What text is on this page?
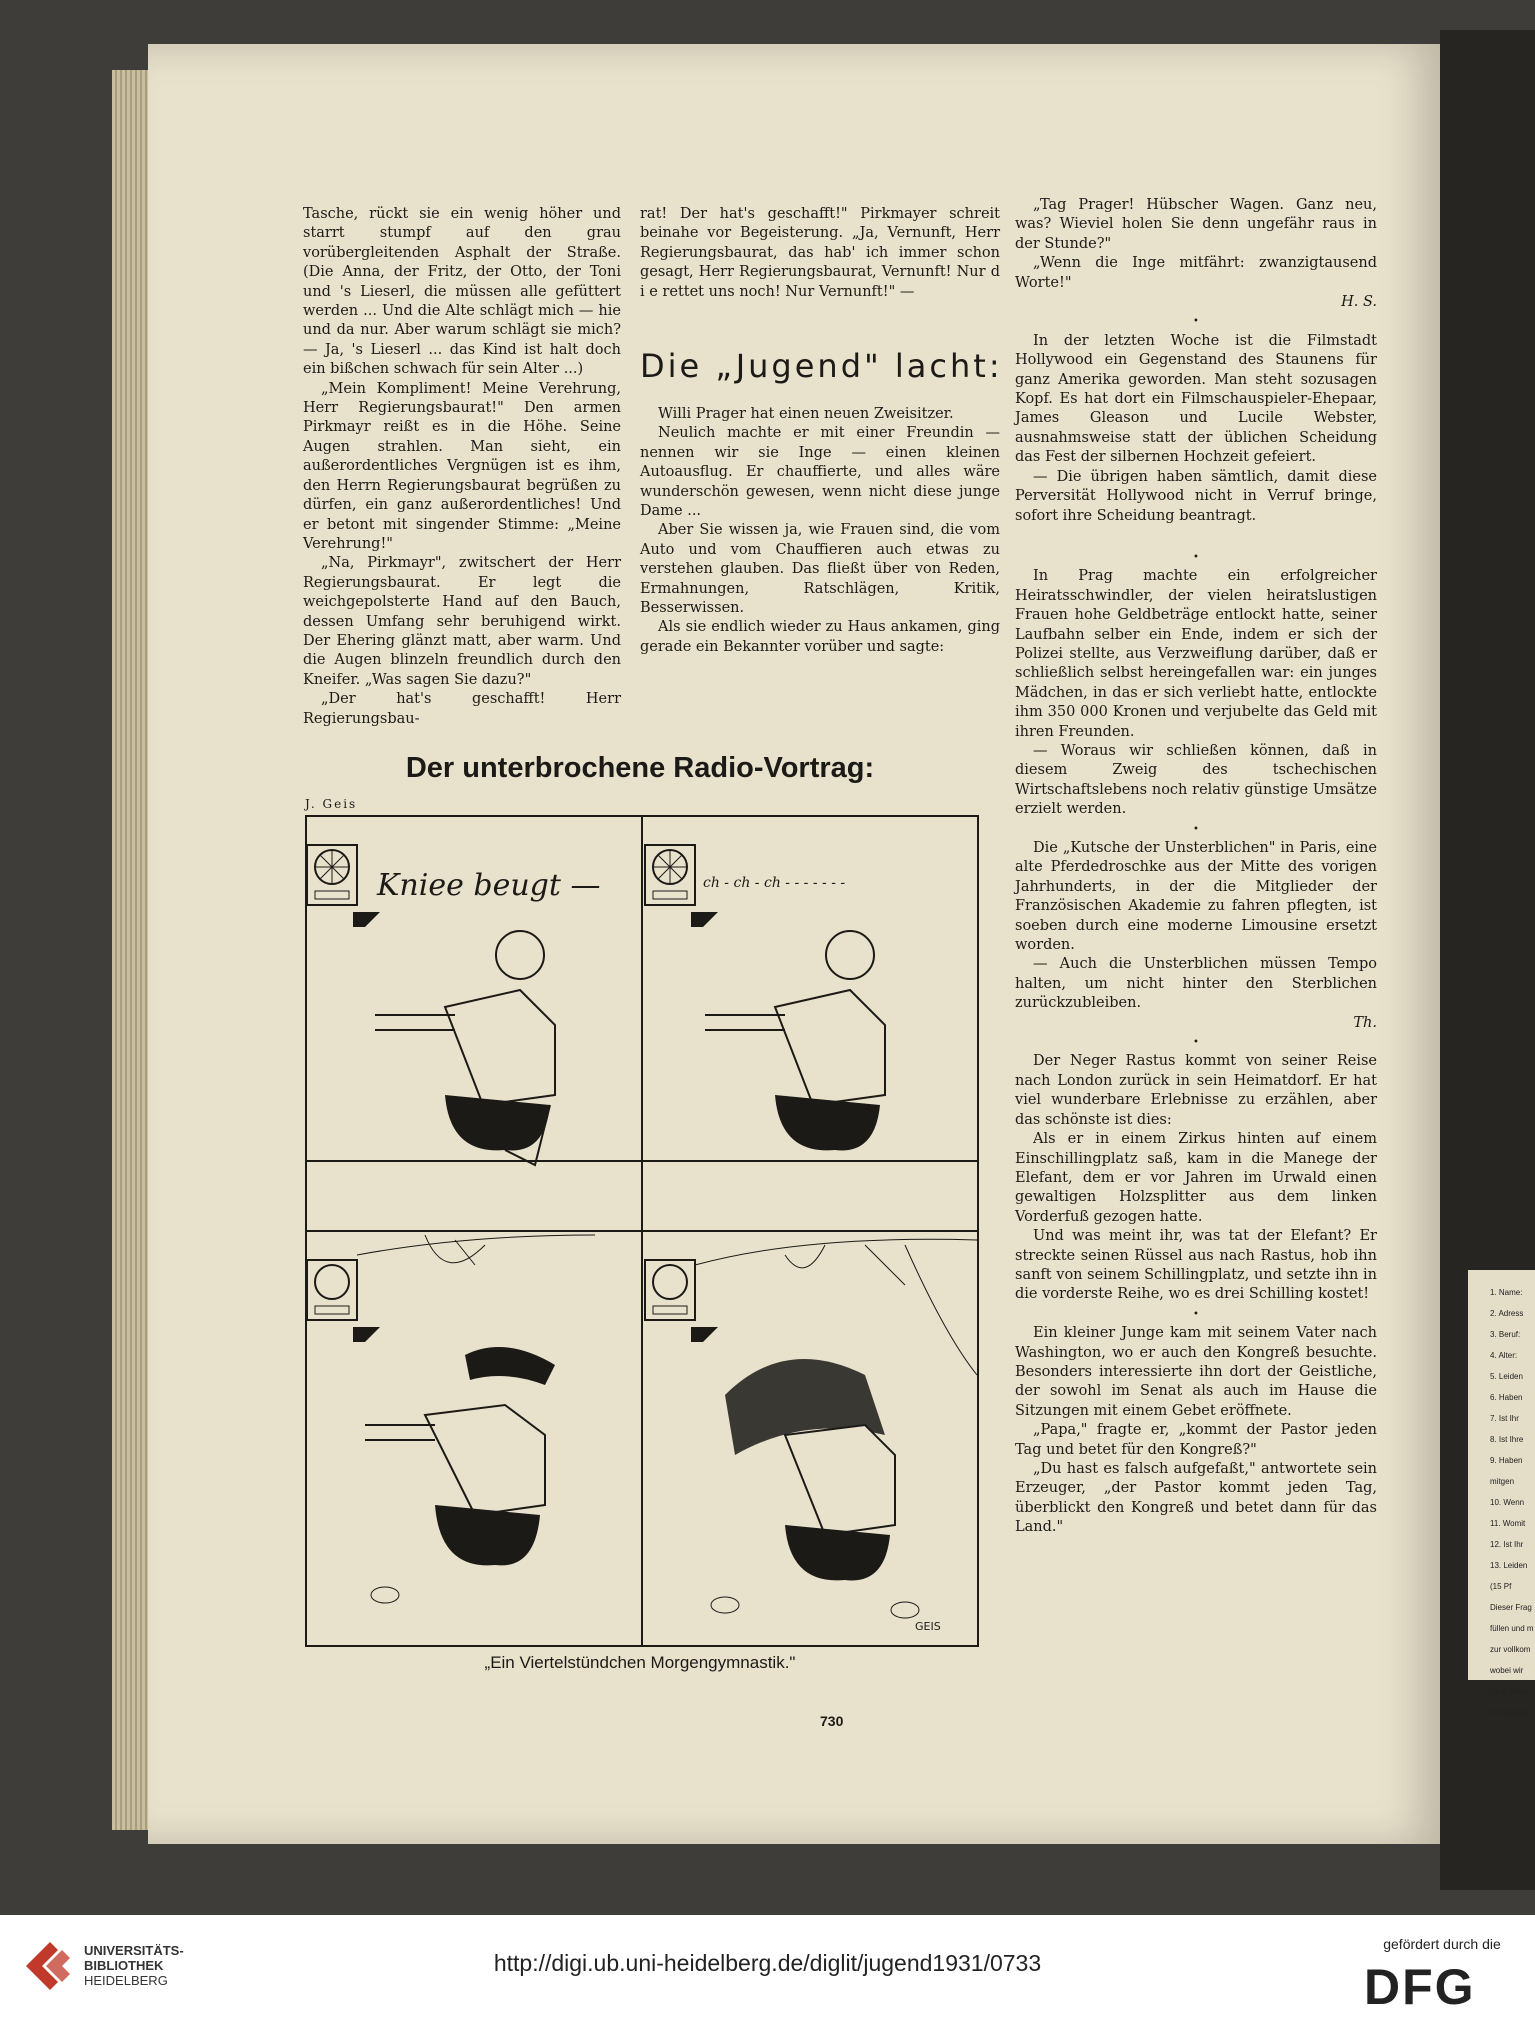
1. Name:
2. Adress
3. Beruf:
4. Alter:
5. Leiden
6. Haben
7. Ist Ihr
8. Ist Ihre
9. Haben
mitgen
10. Wenn
11. Womit
12. Ist Ihr
13. Leiden
(15 Pf
Dieser Frag
füllen und m
zur vollkom
wobei wir
Über Ihren
Archive nic

Tasche, rückt sie ein wenig höher und starrt stumpf auf den grau vorübergleitenden Asphalt der Straße. (Die Anna, der Fritz, der Otto, der Toni und 's Lieserl, die müssen alle gefüttert werden ... Und die Alte schlägt mich — hie und da nur. Aber warum schlägt sie mich? — Ja, 's Lieserl ... das Kind ist halt doch ein bißchen schwach für sein Alter ...)

„Mein Kompliment! Meine Verehrung, Herr Regierungsbaurat!" Den armen Pirkmayr reißt es in die Höhe. Seine Augen strahlen. Man sieht, ein außerordentliches Vergnügen ist es ihm, den Herrn Regierungsbaurat begrüßen zu dürfen, ein ganz außerordentliches! Und er betont mit singender Stimme: „Meine Verehrung!"

„Na, Pirkmayr", zwitschert der Herr Regierungsbaurat. Er legt die weichgepolsterte Hand auf den Bauch, dessen Umfang sehr beruhigend wirkt. Der Ehering glänzt matt, aber warm. Und die Augen blinzeln freundlich durch den Kneifer. „Was sagen Sie dazu?"

„Der hat's geschafft! Herr Regierungsbau-

rat! Der hat's geschafft!" Pirkmayer schreit beinahe vor Begeisterung. „Ja, Vernunft, Herr Regierungsbaurat, das hab' ich immer schon gesagt, Herr Regierungsbaurat, Vernunft! Nur d i e rettet uns noch! Nur Vernunft!" —

Die „Jugend" lacht:

Willi Prager hat einen neuen Zweisitzer.

Neulich machte er mit einer Freundin — nennen wir sie Inge — einen kleinen Autoausflug. Er chauffierte, und alles wäre wunderschön gewesen, wenn nicht diese junge Dame ...

Aber Sie wissen ja, wie Frauen sind, die vom Auto und vom Chauffieren auch etwas zu verstehen glauben. Das fließt über von Reden, Ermahnungen, Ratschlägen, Kritik, Besserwissen.

Als sie endlich wieder zu Haus ankamen, ging gerade ein Bekannter vorüber und sagte:

„Tag Prager! Hübscher Wagen. Ganz neu, was? Wieviel holen Sie denn ungefähr raus in der Stunde?"

„Wenn die Inge mitfährt: zwanzigtausend Worte!"

H. S.
•

In der letzten Woche ist die Filmstadt Hollywood ein Gegenstand des Staunens für ganz Amerika geworden. Man steht sozusagen Kopf. Es hat dort ein Filmschauspieler-Ehepaar, James Gleason und Lucile Webster, ausnahmsweise statt der üblichen Scheidung das Fest der silbernen Hochzeit gefeiert.

— Die übrigen haben sämtlich, damit diese Perversität Hollywood nicht in Verruf bringe, sofort ihre Scheidung beantragt.

•

In Prag machte ein erfolgreicher Heiratsschwindler, der vielen heiratslustigen Frauen hohe Geldbeträge entlockt hatte, seiner Laufbahn selber ein Ende, indem er sich der Polizei stellte, aus Verzweiflung darüber, daß er schließlich selbst hereingefallen war: ein junges Mädchen, in das er sich verliebt hatte, entlockte ihm 350 000 Kronen und verjubelte das Geld mit ihren Freunden.

— Woraus wir schließen können, daß in diesem Zweig des tschechischen Wirtschaftslebens noch relativ günstige Umsätze erzielt werden.

•

Die „Kutsche der Unsterblichen" in Paris, eine alte Pferdedroschke aus der Mitte des vorigen Jahrhunderts, in der die Mitglieder der Französischen Akademie zu fahren pflegten, ist soeben durch eine moderne Limousine ersetzt worden.

— Auch die Unsterblichen müssen Tempo halten, um nicht hinter den Sterblichen zurückzubleiben.

Th.
•

Der Neger Rastus kommt von seiner Reise nach London zurück in sein Heimatdorf. Er hat viel wunderbare Erlebnisse zu erzählen, aber das schönste ist dies:

Als er in einem Zirkus hinten auf einem Einschillingplatz saß, kam in die Manege der Elefant, dem er vor Jahren im Urwald einen gewaltigen Holzsplitter aus dem linken Vorderfuß gezogen hatte.

Und was meint ihr, was tat der Elefant? Er streckte seinen Rüssel aus nach Rastus, hob ihn sanft von seinem Schillingplatz, und setzte ihn in die vorderste Reihe, wo es drei Schilling kostet!

•

Ein kleiner Junge kam mit seinem Vater nach Washington, wo er auch den Kongreß besuchte. Besonders interessierte ihn dort der Geistliche, der sowohl im Senat als auch im Hause die Sitzungen mit einem Gebet eröffnete.

„Papa," fragte er, „kommt der Pastor jeden Tag und betet für den Kongreß?"

„Du hast es falsch aufgefaßt," antwortete sein Erzeuger, „der Pastor kommt jeden Tag, überblickt den Kongreß und betet dann für das Land."

Der unterbrochene Radio-Vortrag:
J. Geis
Kniee beugt —	ch - ch - ch - - - - - - -
GEIS
„Ein Viertelstündchen Morgengymnastik."
730
UNIVERSITÄTS-
BIBLIOTHEK
HEIDELBERG
http://digi.ub.uni-heidelberg.de/diglit/jugend1931/0733
gefördert durch die
DFG
